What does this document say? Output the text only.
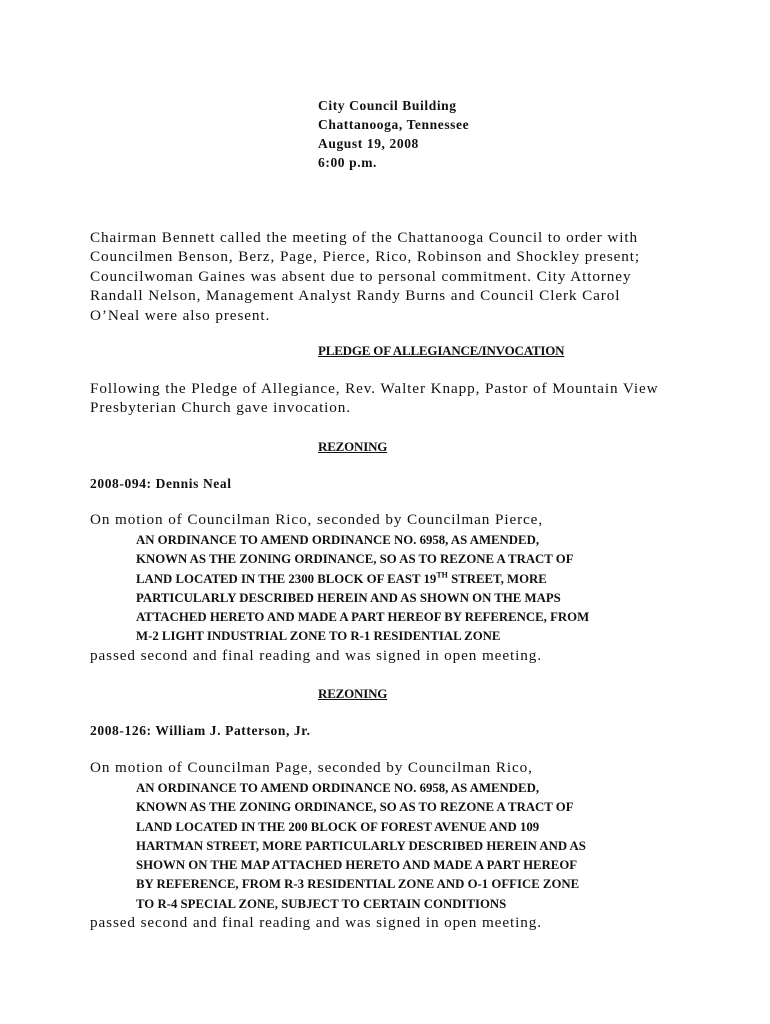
City Council Building
Chattanooga, Tennessee
August 19, 2008
6:00 p.m.
Chairman Bennett called the meeting of the Chattanooga Council to order with
Councilmen Benson, Berz, Page, Pierce, Rico, Robinson and Shockley present;
Councilwoman Gaines was absent due to personal commitment. City Attorney
Randall Nelson, Management Analyst Randy Burns and Council Clerk Carol
O’Neal were also present.
PLEDGE OF ALLEGIANCE/INVOCATION
Following the Pledge of Allegiance, Rev. Walter Knapp, Pastor of Mountain View
Presbyterian Church gave invocation.
REZONING
2008-094: Dennis Neal
On motion of Councilman Rico, seconded by Councilman Pierce,
AN ORDINANCE TO AMEND ORDINANCE NO. 6958, AS AMENDED,
KNOWN AS THE ZONING ORDINANCE, SO AS TO REZONE A TRACT OF
LAND LOCATED IN THE 2300 BLOCK OF EAST 19TH STREET, MORE
PARTICULARLY DESCRIBED HEREIN AND AS SHOWN ON THE MAPS
ATTACHED HERETO AND MADE A PART HEREOF BY REFERENCE, FROM
M-2 LIGHT INDUSTRIAL ZONE TO R-1 RESIDENTIAL ZONE
passed second and final reading and was signed in open meeting.
REZONING
2008-126: William J. Patterson, Jr.
On motion of Councilman Page, seconded by Councilman Rico,
AN ORDINANCE TO AMEND ORDINANCE NO. 6958, AS AMENDED,
KNOWN AS THE ZONING ORDINANCE, SO AS TO REZONE A TRACT OF
LAND LOCATED IN THE 200 BLOCK OF FOREST AVENUE AND 109
HARTMAN STREET, MORE PARTICULARLY DESCRIBED HEREIN AND AS
SHOWN ON THE MAP ATTACHED HERETO AND MADE A PART HEREOF
BY REFERENCE, FROM R-3 RESIDENTIAL ZONE AND O-1 OFFICE ZONE
TO R-4 SPECIAL ZONE, SUBJECT TO CERTAIN CONDITIONS
passed second and final reading and was signed in open meeting.
